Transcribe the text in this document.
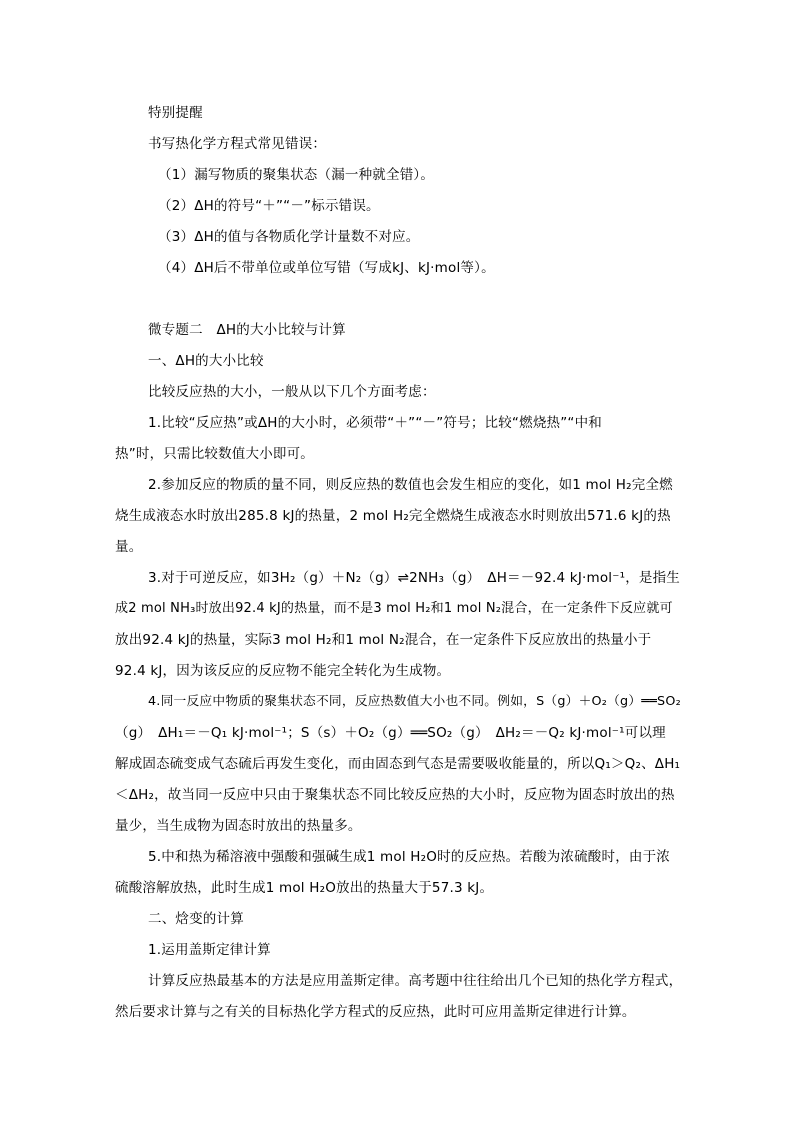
特别提醒
书写热化学方程式常见错误：
（1）漏写物质的聚集状态（漏一种就全错）。
（2）ΔH的符号“＋”“－”标示错误。
（3）ΔH的值与各物质化学计量数不对应。
（4）ΔH后不带单位或单位写错（写成kJ、kJ·mol等）。
微专题二　ΔH的大小比较与计算
一、ΔH的大小比较
比较反应热的大小，一般从以下几个方面考虑：
1.比较“反应热”或ΔH的大小时，必须带“＋”“－”符号；比较“燃烧热”“中和
热”时，只需比较数值大小即可。
2.参加反应的物质的量不同，则反应热的数值也会发生相应的变化，如1 mol H₂完全燃
烧生成液态水时放出285.8 kJ的热量，2 mol H₂完全燃烧生成液态水时则放出571.6 kJ的热
量。
3.对于可逆反应，如3H₂（g）＋N₂（g）⇌2NH₃（g）　ΔH＝－92.4 kJ·mol⁻¹，是指生
成2 mol NH₃时放出92.4 kJ的热量，而不是3 mol H₂和1 mol N₂混合，在一定条件下反应就可
放出92.4 kJ的热量，实际3 mol H₂和1 mol N₂混合，在一定条件下反应放出的热量小于
92.4 kJ，因为该反应的反应物不能完全转化为生成物。
4.同一反应中物质的聚集状态不同，反应热数值大小也不同。例如，S（g）＋O₂（g）══SO₂
（g）　ΔH₁＝－Q₁ kJ·mol⁻¹；S（s）＋O₂（g）══SO₂（g）　ΔH₂＝－Q₂ kJ·mol⁻¹可以理
解成固态硫变成气态硫后再发生变化，而由固态到气态是需要吸收能量的，所以Q₁＞Q₂、ΔH₁
＜ΔH₂，故当同一反应中只由于聚集状态不同比较反应热的大小时，反应物为固态时放出的热
量少，当生成物为固态时放出的热量多。
5.中和热为稀溶液中强酸和强碱生成1 mol H₂O时的反应热。若酸为浓硫酸时，由于浓
硫酸溶解放热，此时生成1 mol H₂O放出的热量大于57.3 kJ。
二、焓变的计算
1.运用盖斯定律计算
计算反应热最基本的方法是应用盖斯定律。高考题中往往给出几个已知的热化学方程式，
然后要求计算与之有关的目标热化学方程式的反应热，此时可应用盖斯定律进行计算。
